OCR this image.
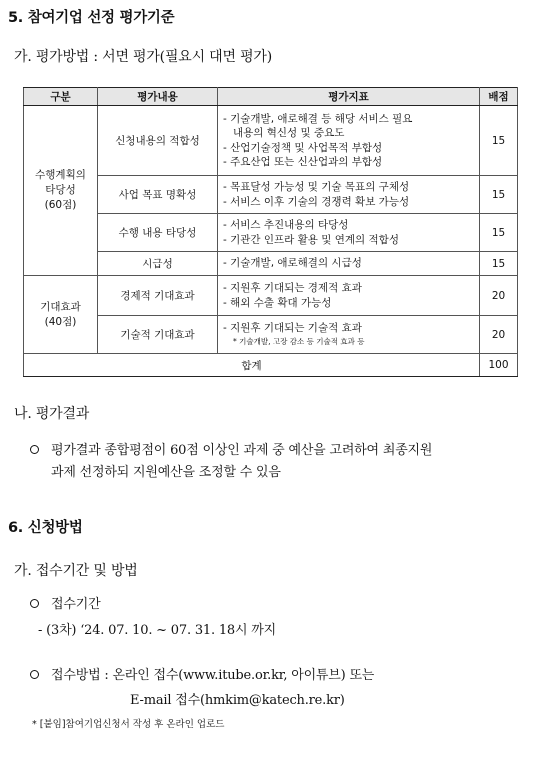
5. 참여기업 선정 평가기준
가. 평가방법 : 서면 평가(필요시 대면 평가)
구분	평가내용	평가지표	배점
수행계획의
타당성
(60점)	신청내용의 적합성	- 기술개발, 애로해결 등 해당 서비스 필요
내용의 혁신성 및 중요도
- 산업기술정책 및 사업목적 부합성
- 주요산업 또는 신산업과의 부합성	15
	사업 목표 명확성	- 목표달성 가능성 및 기술 목표의 구체성
- 서비스 이후 기술의 경쟁력 확보 가능성	15
	수행 내용 타당성	- 서비스 추진내용의 타당성
- 기관간 인프라 활용 및 연계의 적합성	15
	시급성	- 기술개발, 애로해결의 시급성	15
기대효과
(40점)	경제적 기대효과	- 지원후 기대되는 경제적 효과
- 해외 수출 확대 가능성	20
	기술적 기대효과	- 지원후 기대되는 기술적 효과
* 기술개발, 고장 감소 등 기술적 효과 등	20
합계			100
나. 평가결과
평가결과 종합평점이 60점 이상인 과제 중 예산을 고려하여 최종지원
과제 선정하되 지원예산을 조정할 수 있음
6. 신청방법
가. 접수기간 및 방법
접수기간
- (3차) ‘24. 07. 10. ~ 07. 31. 18시 까지
접수방법 : 온라인 접수(www.itube.or.kr, 아이튜브) 또는
E-mail 접수(hmkim@katech.re.kr)
* [붙임]참여기업신청서 작성 후 온라인 업로드
